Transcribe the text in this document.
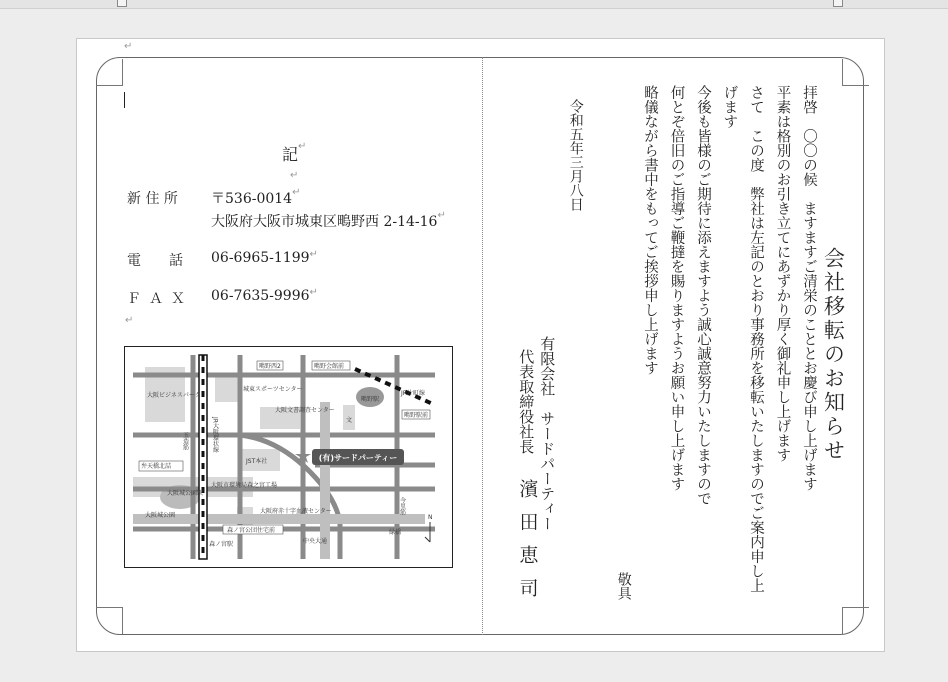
↵
記 ↵
↵
新 住 所 〒536-0014 ↵
大阪府大阪市城東区鴫野西 2-14-16 ↵
電　　話 06-6965-1199 ↵
ＦＡＸ 06-7635-9996 ↵
↵
(有)サードパーティー
大阪ビジネスパーク
城東スポーツセンター
大阪文書調査センター
JR大阪環状線
玉造筋
弁天橋北詰
大阪城公園駅
大阪城公園
JST本社
文
鴫野西2	鴫野会館前
JR片町線
鴫野駅前
鴫野駅
大阪市環境局森之宮工場
大阪府赤十字血液センター
森ノ宮公団住宅前
森ノ宮駅	中央大通
今里筋
緑橋
N
拝啓　〇〇の候　ますますご清栄のこととお慶び申し上げます
平素は格別のお引き立てにあずかり厚く御礼申し上げます
さて　この度　弊社は左記のとおり事務所を移転いたしますのでご案内申し上げます
今後も皆様のご期待に添えますよう誠心誠意努力いたしますので
何とぞ倍旧のご指導ご鞭撻を賜りますようお願い申し上げます
略儀ながら書中をもってご挨拶申し上げます	会社移転のお知らせ
令和五年三月八日
敬具
有限会社　サードパーティー
代表取締役社長
濱田恵司
